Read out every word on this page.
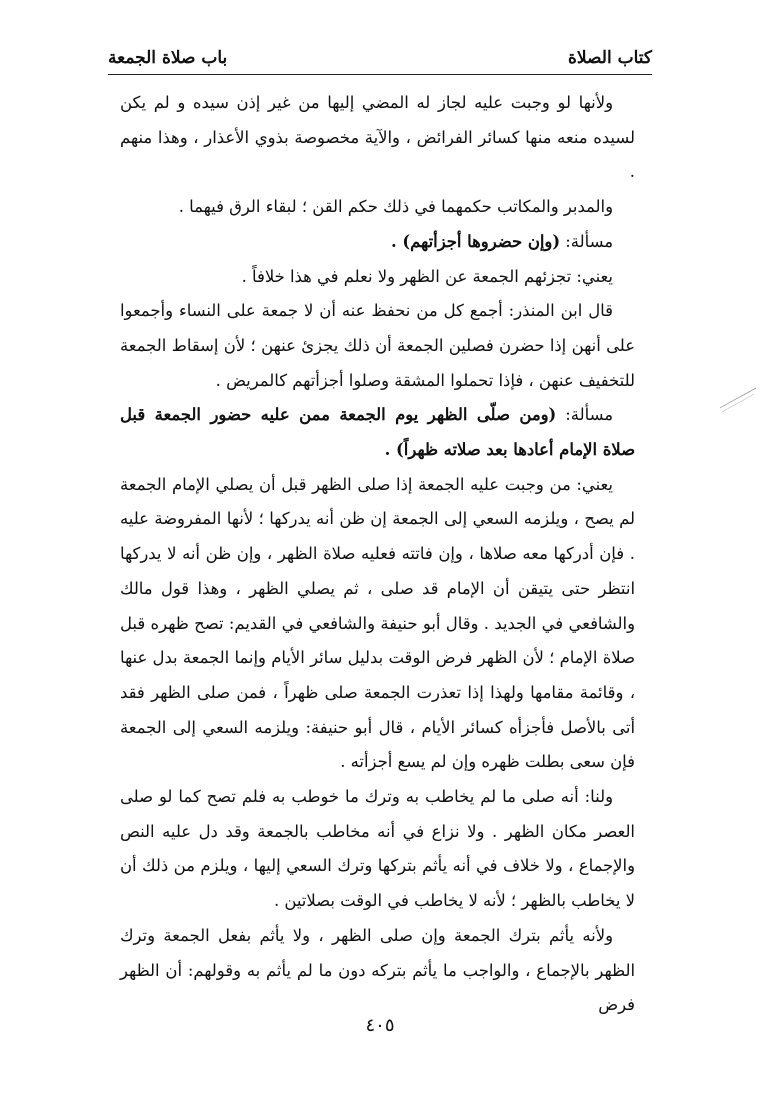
كتاب الصلاة
باب صلاة الجمعة

ولأنها لو وجبت عليه لجاز له المضي إليها من غير إذن سيده و لم يكن لسيده منعه منها كسائر الفرائض ، والآية مخصوصة بذوي الأعذار ، وهذا منهم .

والمدبر والمكاتب حكمهما في ذلك حكم القن ؛ لبقاء الرق فيهما .

مسألة: (وإن حضروها أجزأتهم) .

يعني: تجزئهم الجمعة عن الظهر ولا نعلم في هذا خلافاً .

قال ابن المنذر: أجمع كل من نحفظ عنه أن لا جمعة على النساء وأجمعوا على أنهن إذا حضرن فصلين الجمعة أن ذلك يجزئ عنهن ؛ لأن إسقاط الجمعة للتخفيف عنهن ، فإذا تحملوا المشقة وصلوا أجزأتهم كالمريض .

مسألة: (ومن صلّى الظهر يوم الجمعة ممن عليه حضور الجمعة قبل صلاة الإمام أعادها بعد صلاته ظهراً) .

يعني: من وجبت عليه الجمعة إذا صلى الظهر قبل أن يصلي الإمام الجمعة لم يصح ، ويلزمه السعي إلى الجمعة إن ظن أنه يدركها ؛ لأنها المفروضة عليه . فإن أدركها معه صلاها ، وإن فاتته فعليه صلاة الظهر ، وإن ظن أنه لا يدركها انتظر حتى يتيقن أن الإمام قد صلى ، ثم يصلي الظهر ، وهذا قول مالك والشافعي في الجديد . وقال أبو حنيفة والشافعي في القديم: تصح ظهره قبل صلاة الإمام ؛ لأن الظهر فرض الوقت بدليل سائر الأيام وإنما الجمعة بدل عنها ، وقائمة مقامها ولهذا إذا تعذرت الجمعة صلى ظهراً ، فمن صلى الظهر فقد أتى بالأصل فأجزأه كسائر الأيام ، قال أبو حنيفة: ويلزمه السعي إلى الجمعة فإن سعى بطلت ظهره وإن لم يسع أجزأته .

ولنا: أنه صلى ما لم يخاطب به وترك ما خوطب به فلم تصح كما لو صلى العصر مكان الظهر . ولا نزاع في أنه مخاطب بالجمعة وقد دل عليه النص والإجماع ، ولا خلاف في أنه يأثم بتركها وترك السعي إليها ، ويلزم من ذلك أن لا يخاطب بالظهر ؛ لأنه لا يخاطب في الوقت بصلاتين .

ولأنه يأثم بترك الجمعة وإن صلى الظهر ، ولا يأثم بفعل الجمعة وترك الظهر بالإجماع ، والواجب ما يأثم بتركه دون ما لم يأثم به وقولهم: أن الظهر فرض

٤٠٥
